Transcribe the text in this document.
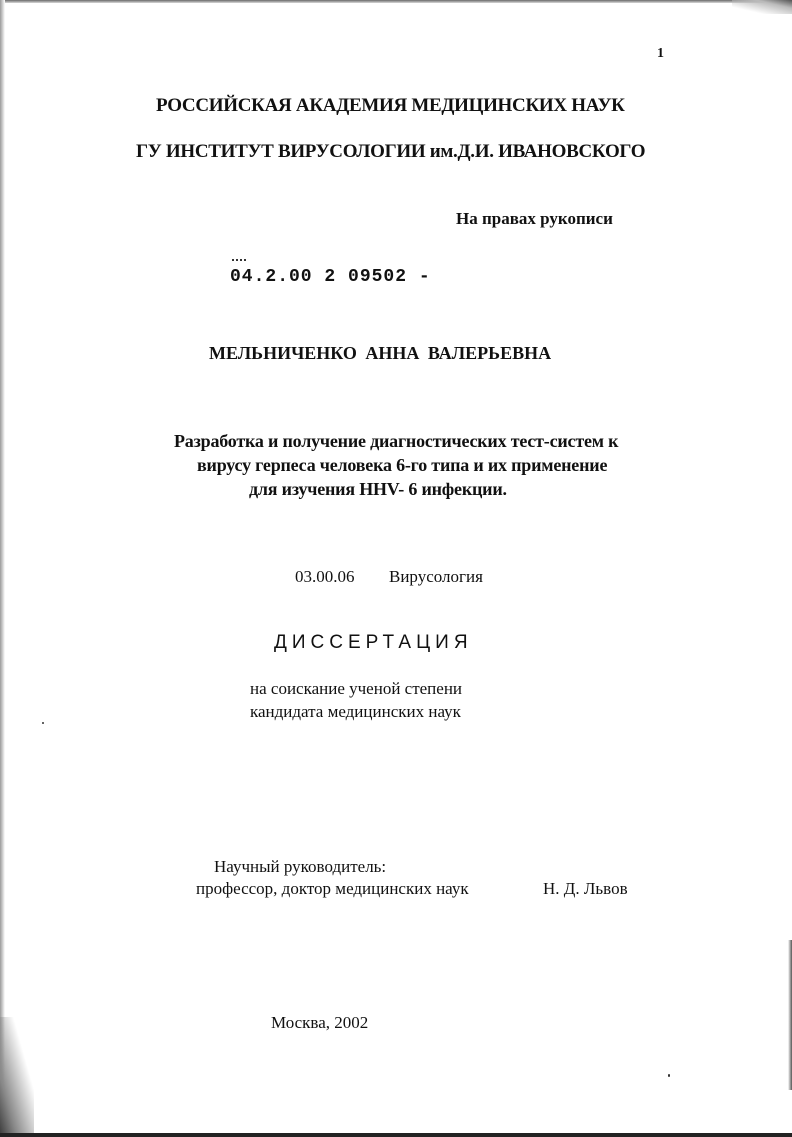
1
РОССИЙСКАЯ АКАДЕМИЯ МЕДИЦИНСКИХ НАУК
ГУ ИНСТИТУТ ВИРУСОЛОГИИ им.Д.И. ИВАНОВСКОГО
На правах рукописи
04.2.00 2 09502 -
МЕЛЬНИЧЕНКО АННА ВАЛЕРЬЕВНА
Разработка и получение диагностических тест-систем к
вирусу герпеса человека 6-го типа и их применение
для изучения HHV- 6 инфекции.
03.00.06 Вирусология
ДИССЕРТАЦИЯ
на соискание ученой степени
кандидата медицинских наук
Научный руководитель:
профессор, доктор медицинских наук	Н. Д. Львов
Москва, 2002
